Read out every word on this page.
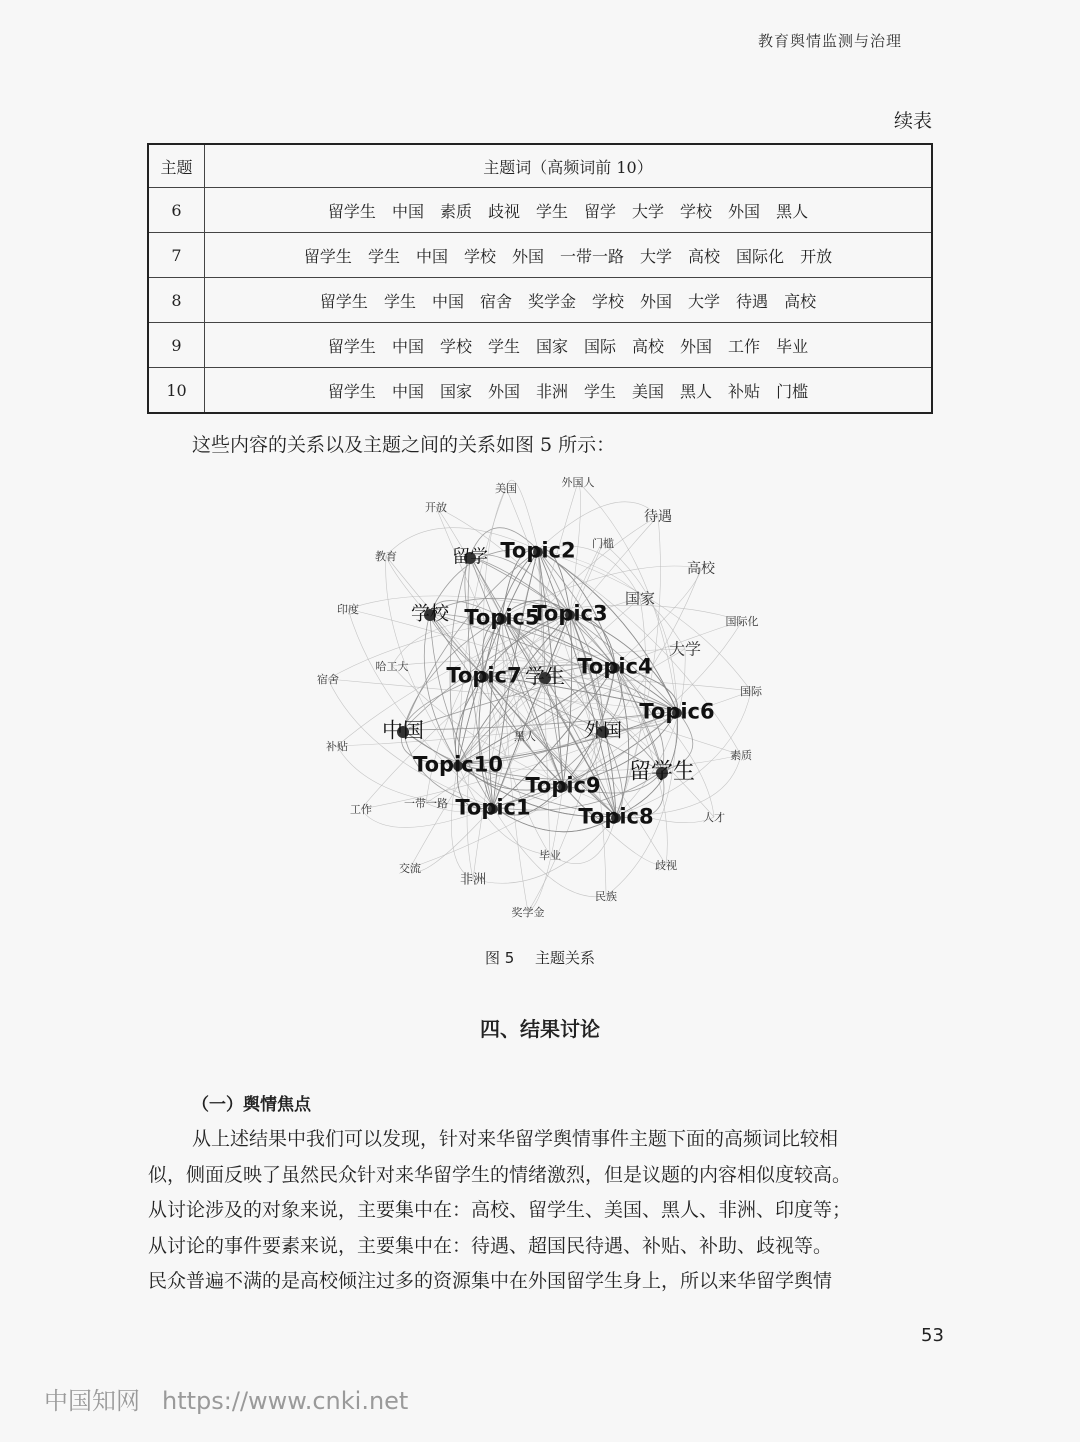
教育舆情监测与治理
续表
主题	主题词（高频词前 10）
6	留学生 中国 素质 歧视 学生 留学 大学 学校 外国 黑人
7	留学生 学生 中国 学校 外国 一带一路 大学 高校 国际化 开放
8	留学生 学生 中国 宿舍 奖学金 学校 外国 大学 待遇 高校
9	留学生 中国 学校 学生 国家 国际 高校 外国 工作 毕业
10	留学生 中国 国家 外国 非洲 学生 美国 黑人 补贴 门槛
这些内容的关系以及主题之间的关系如图 5 所示：
美国	外国人
开放
待遇
门槛
高校
教育	留学 Topic2
国家
印度	学校 Topic5
Topic3	国际化
大学
宿舍
哈工大 Topic7 学生 Topic4
国际
Topic6
中国	外国
补贴
黑人
素质
Topic10	留学生
Topic9
工作	一带一路 Topic1 Topic8	人才
毕业
交流	歧视
非洲
民族
奖学金
图 5 主题关系
四、结果讨论
（一）舆情焦点

从上述结果中我们可以发现，针对来华留学舆情事件主题下面的高频词比较相

似，侧面反映了虽然民众针对来华留学生的情绪激烈，但是议题的内容相似度较高。

从讨论涉及的对象来说，主要集中在：高校、留学生、美国、黑人、非洲、印度等；

从讨论的事件要素来说，主要集中在：待遇、超国民待遇、补贴、补助、歧视等。

民众普遍不满的是高校倾注过多的资源集中在外国留学生身上，所以来华留学舆情

53
中国知网 https://www.cnki.net
